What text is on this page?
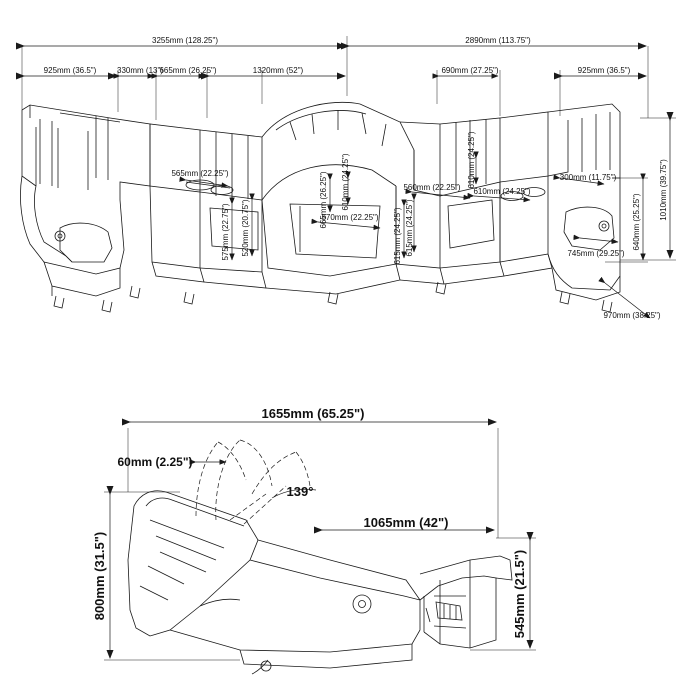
3255mm (128.25")	2890mm (113.75")
925mm (36.5")	330mm (13")
665mm (26.25")	1320mm (52")	690mm (27.25")	925mm (36.5")
1010mm (39.75")
640mm (25.25")
970mm (38.25")
565mm (22.25")
575mm (22.75") 520mm (20.75")	570mm (22.25")
665mm (26.25") 610mm (24.25")
615mm (24.25") 615mm (24.25")
560mm (22.25") 610mm (24.25")
610mm (24.25")	300mm (11.75")
745mm (29.25")
1655mm (65.25")
60mm (2.25")
139°
1065mm (42")
800mm (31.5")	545mm (21.5")
